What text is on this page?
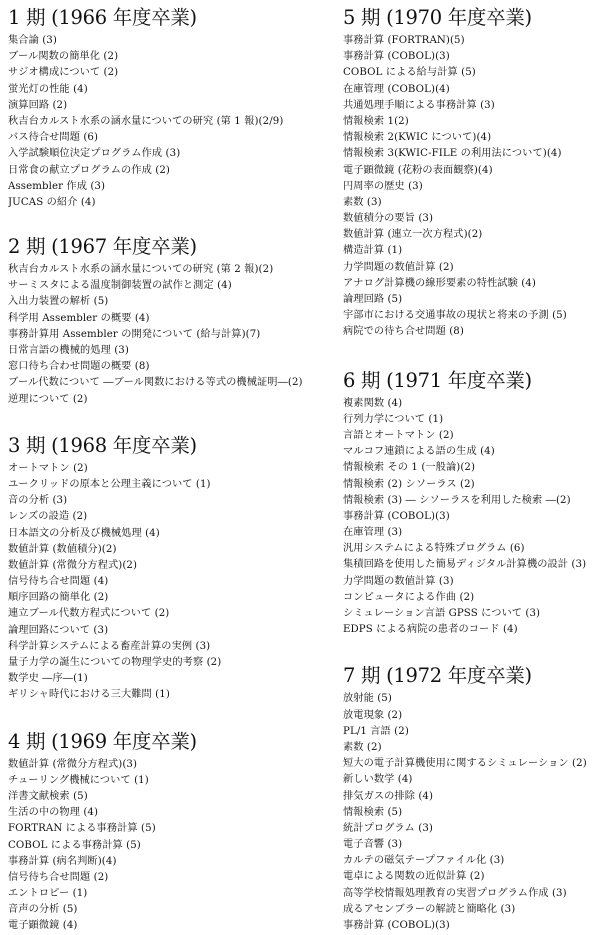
1 期 (1966 年度卒業)
集合論 (3)
ブール関数の簡単化 (2)
サジオ構成について (2)
蛍光灯の性能 (4)
演算回路 (2)
秋吉台カルスト水系の涵水量についての研究 (第 1 報)(2/9)
バス待合せ問題 (6)
入学試験順位決定プログラム作成 (3)
日常食の献立プログラムの作成 (2)
Assembler 作成 (3)
JUCAS の紹介 (4)
2 期 (1967 年度卒業)
秋吉台カルスト水系の涵水量についての研究 (第 2 報)(2)
サーミスタによる温度制御装置の試作と測定 (4)
入出力装置の解析 (5)
科学用 Assembler の概要 (4)
事務計算用 Assembler の開発について (給与計算)(7)
日常言語の機械的処理 (3)
窓口待ち合わせ問題の概要 (8)
ブール代数について ―ブール関数における等式の機械証明―(2)
逆理について (2)
3 期 (1968 年度卒業)
オートマトン (2)
ユークリッドの原本と公理主義について (1)
音の分析 (3)
レンズの設造 (2)
日本語文の分析及び機械処理 (4)
数値計算 (数値積分)(2)
数値計算 (常微分方程式)(2)
信号待ち合せ問題 (4)
順序回路の簡単化 (2)
連立ブール代数方程式について (2)
論理回路について (3)
科学計算システムによる畜産計算の実例 (3)
量子力学の誕生についての物理学史的考察 (2)
数学史 ―序―(1)
ギリシャ時代における三大難問 (1)
4 期 (1969 年度卒業)
数値計算 (常微分方程式)(3)
チューリング機械について (1)
洋書文献検索 (5)
生活の中の物理 (4)
FORTRAN による事務計算 (5)
COBOL による事務計算 (5)
事務計算 (病名判断)(4)
信号待ち合せ問題 (2)
エントロピー (1)
音声の分析 (5)
電子顕微鏡 (4)
5 期 (1970 年度卒業)
事務計算 (FORTRAN)(5)
事務計算 (COBOL)(3)
COBOL による給与計算 (5)
在庫管理 (COBOL)(4)
共通処理手順による事務計算 (3)
情報検索 1(2)
情報検索 2(KWIC について)(4)
情報検索 3(KWIC-FILE の利用法について)(4)
電子顕微鏡 (花粉の表面観察)(4)
円周率の歴史 (3)
素数 (3)
数値積分の要旨 (3)
数値計算 (連立一次方程式)(2)
構造計算 (1)
力学問題の数値計算 (2)
アナログ計算機の線形要素の特性試験 (4)
論理回路 (5)
宇部市における交通事故の現状と将来の予測 (5)
病院での待ち合せ問題 (8)
6 期 (1971 年度卒業)
複素関数 (4)
行列力学について (1)
言語とオートマトン (2)
マルコフ連鎖による語の生成 (4)
情報検索 その 1 (一般論)(2)
情報検索 (2) シソーラス (2)
情報検索 (3) ― シソーラスを利用した検索 ―(2)
事務計算 (COBOL)(3)
在庫管理 (3)
汎用システムによる特殊プログラム (6)
集積回路を使用した簡易ディジタル計算機の設計 (3)
力学問題の数値計算 (3)
コンピュータによる作曲 (2)
シミュレーション言語 GPSS について (3)
EDPS による病院の患者のコード (4)
7 期 (1972 年度卒業)
放射能 (5)
放電現象 (2)
PL/1 言語 (2)
素数 (2)
短大の電子計算機使用に関するシミュレーション (2)
新しい数学 (4)
排気ガスの排除 (4)
情報検索 (5)
統計プログラム (3)
電子音響 (3)
カルテの磁気テープファイル化 (3)
電卓による関数の近似計算 (2)
高等学校情報処理教育の実習プログラム作成 (3)
成るアセンブラーの解読と簡略化 (3)
事務計算 (COBOL)(3)
